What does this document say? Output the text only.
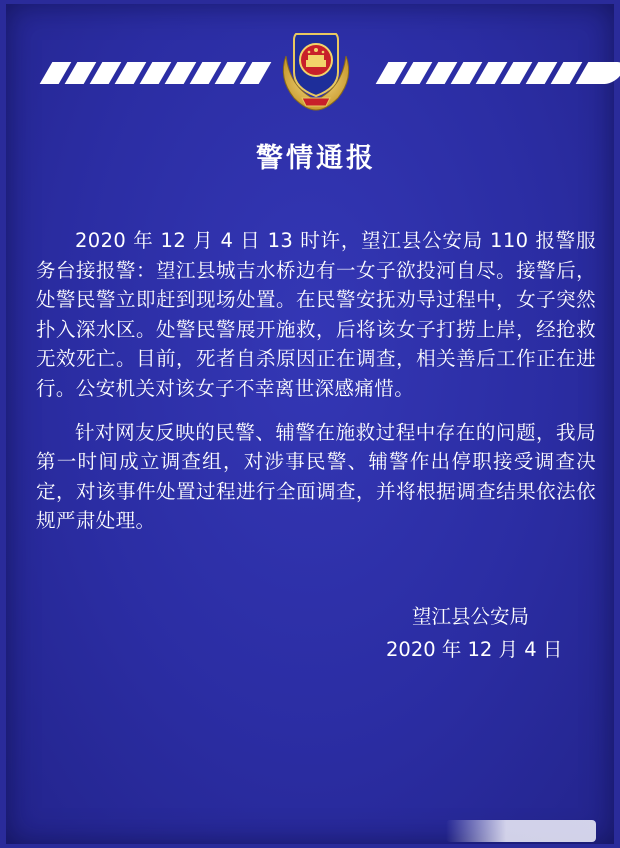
警情通报

2020 年 12 月 4 日 13 时许，望江县公安局 110 报警服务台接报警：望江县城吉水桥边有一女子欲投河自尽。接警后，处警民警立即赶到现场处置。在民警安抚劝导过程中，女子突然扑入深水区。处警民警展开施救，后将该女子打捞上岸，经抢救无效死亡。目前，死者自杀原因正在调查，相关善后工作正在进行。公安机关对该女子不幸离世深感痛惜。

针对网友反映的民警、辅警在施救过程中存在的问题，我局第一时间成立调查组，对涉事民警、辅警作出停职接受调查决定，对该事件处置过程进行全面调查，并将根据调查结果依法依规严肃处理。

望江县公安局
2020 年 12 月 4 日
